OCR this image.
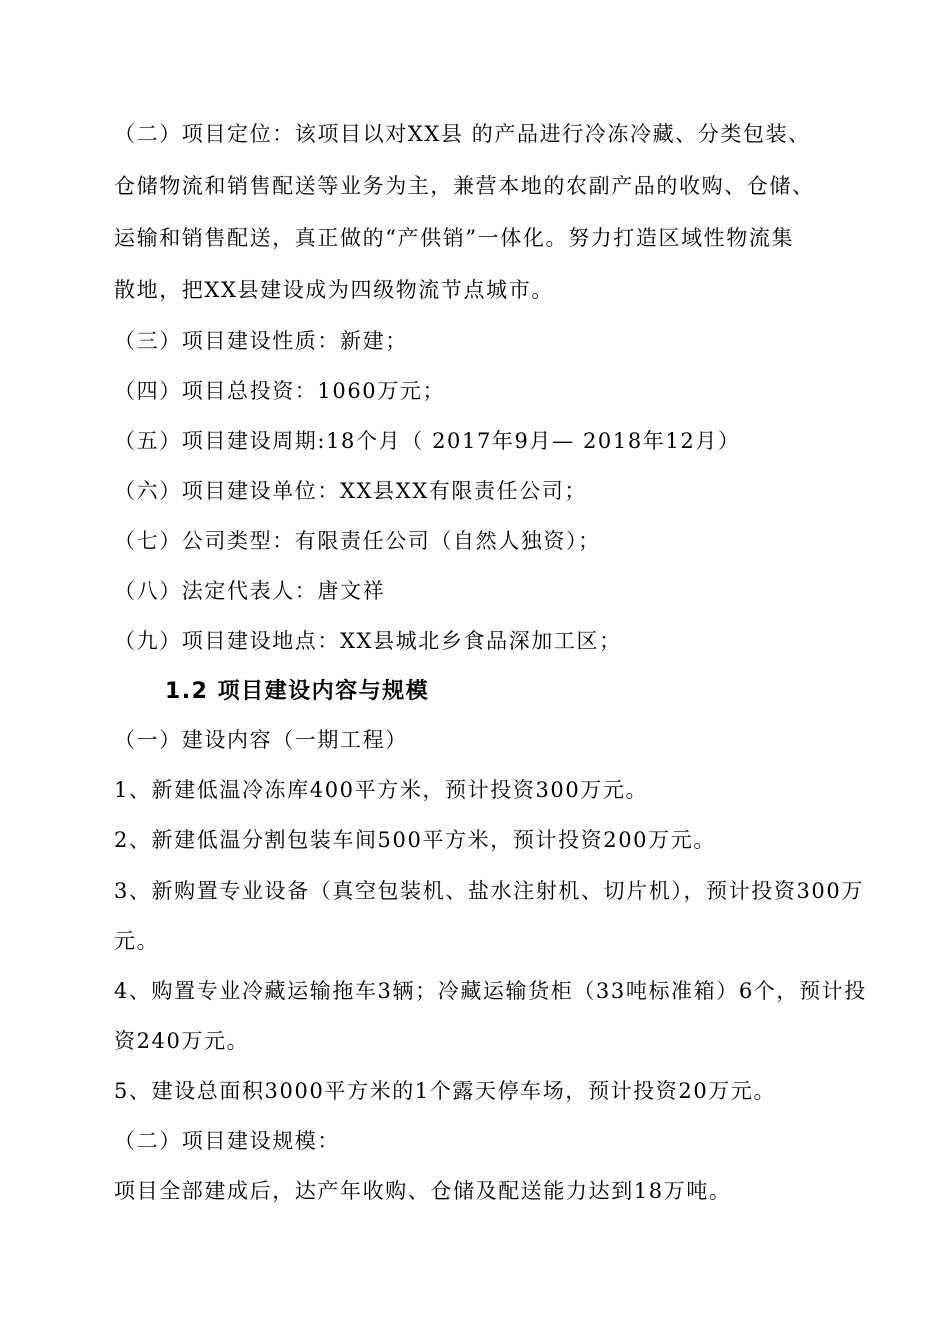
（二）项目定位：该项目以对XX县 的产品进行冷冻冷藏、分类包装、

仓储物流和销售配送等业务为主，兼营本地的农副产品的收购、仓储、

运输和销售配送，真正做的“产供销”一体化。努力打造区域性物流集

散地，把XX县建设成为四级物流节点城市。

（三）项目建设性质：新建；

（四）项目总投资：1060万元；

（五）项目建设周期:18个月（ 2017年9月— 2018年12月）

（六）项目建设单位：XX县XX有限责任公司；

（七）公司类型：有限责任公司（自然人独资）；

（八）法定代表人：唐文祥

（九）项目建设地点：XX县城北乡食品深加工区；

1.2 项目建设内容与规模

（一）建设内容（一期工程）

1、新建低温冷冻库400平方米，预计投资300万元。

2、新建低温分割包装车间500平方米，预计投资200万元。

3、新购置专业设备（真空包装机、盐水注射机、切片机），预计投资300万

元。

4、购置专业冷藏运输拖车3辆；冷藏运输货柜（33吨标准箱）6个，预计投

资240万元。

5、建设总面积3000平方米的1个露天停车场，预计投资20万元。

（二）项目建设规模：

项目全部建成后，达产年收购、仓储及配送能力达到18万吨。
